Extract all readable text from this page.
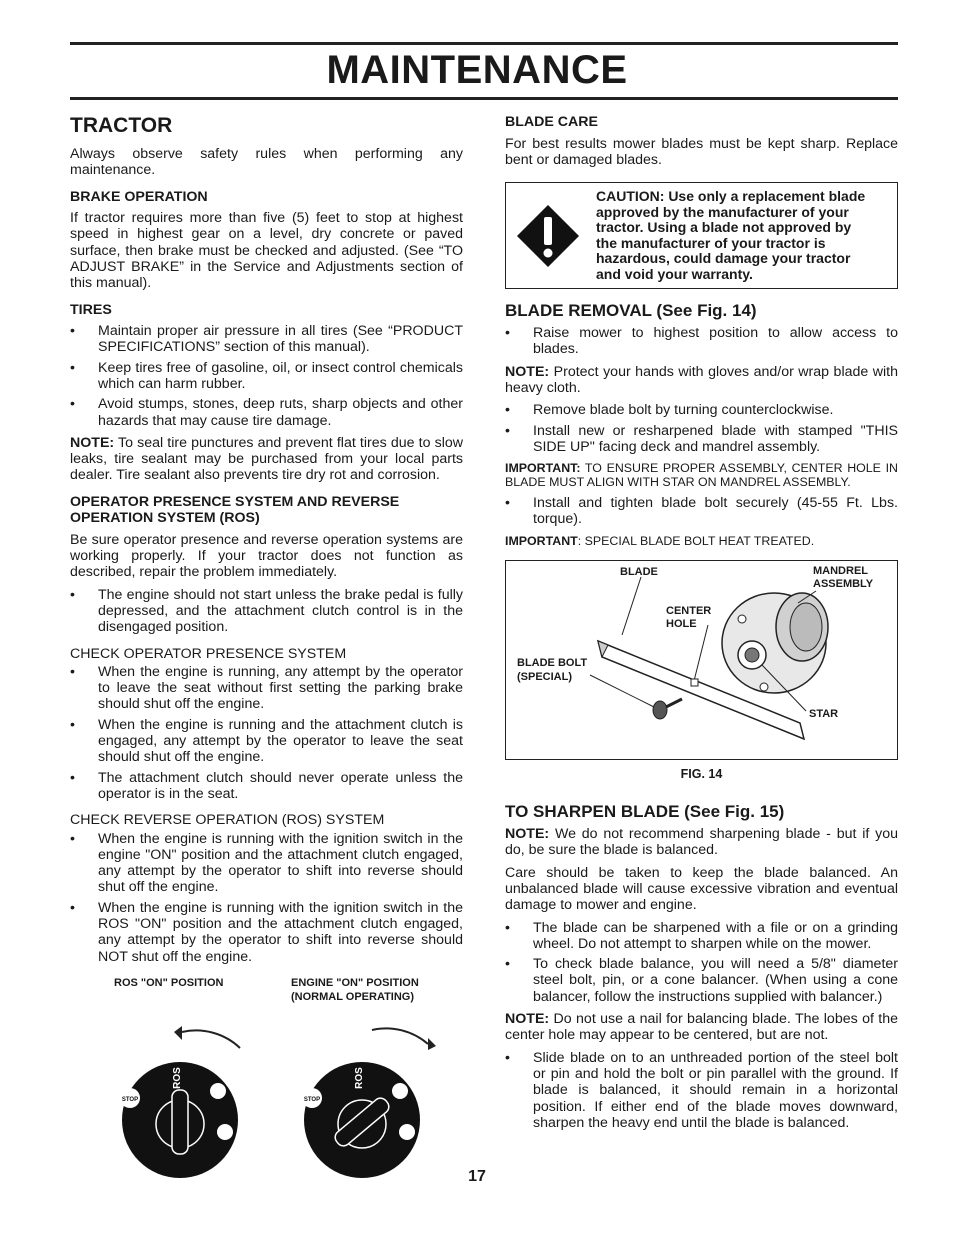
MAINTENANCE
TRACTOR

Always observe safety rules when performing any maintenance.

BRAKE OPERATION

If tractor requires more than five (5) feet to stop at highest speed in highest gear on a level, dry concrete or paved surface, then brake must be checked and adjusted. (See “TO ADJUST BRAKE” in the Service and Adjustments section of this manual).

TIRES
• Maintain proper air pressure in all tires (See “PRODUCT SPECIFICATIONS” section of this manual).
• Keep tires free of gasoline, oil, or insect control chemicals which can harm rubber.
• Avoid stumps, stones, deep ruts, sharp objects and other hazards that may cause tire damage.

NOTE: To seal tire punctures and prevent flat tires due to slow leaks, tire sealant may be purchased from your local parts dealer. Tire sealant also prevents tire dry rot and corrosion.

OPERATOR PRESENCE SYSTEM AND REVERSE OPERATION SYSTEM (ROS)

Be sure operator presence and reverse operation systems are working properly. If your tractor does not function as described, repair the problem immediately.

• The engine should not start unless the brake pedal is fully depressed, and the attachment clutch control is in the disengaged position.
CHECK OPERATOR PRESENCE SYSTEM
• When the engine is running, any attempt by the operator to leave the seat without first setting the parking brake should shut off the engine.
• When the engine is running and the attachment clutch is engaged, any attempt by the operator to leave the seat should shut off the engine.
• The attachment clutch should never operate unless the operator is in the seat.
CHECK REVERSE OPERATION (ROS) SYSTEM
• When the engine is running with the ignition switch in the engine "ON" position and the attachment clutch engaged, any attempt by the operator to shift into reverse should shut off the engine.
• When the engine is running with the ignition switch in the ROS "ON" position and the attachment clutch engaged, any attempt by the operator to shift into reverse should NOT shut off the engine.
ROS "ON" POSITION	ENGINE "ON" POSITION
(NORMAL OPERATING)
STOP
ROS
STOP
ROS
BLADE CARE

For best results mower blades must be kept sharp. Replace bent or damaged blades.

CAUTION: Use only a replacement blade approved by the manufacturer of your tractor. Using a blade not approved by the manufacturer of your tractor is hazardous, could damage your tractor and void your warranty.
BLADE REMOVAL (See Fig. 14)
• Raise mower to highest position to allow access to blades.

NOTE: Protect your hands with gloves and/or wrap blade with heavy cloth.

• Remove blade bolt by turning counterclockwise.
• Install new or resharpened blade with stamped "THIS SIDE UP" facing deck and mandrel assembly.

IMPORTANT: TO ENSURE PROPER ASSEMBLY, CENTER HOLE IN BLADE MUST ALIGN WITH STAR ON MANDREL ASSEMBLY.

• Install and tighten blade bolt securely (45-55 Ft. Lbs. torque).

IMPORTANT: SPECIAL BLADE BOLT HEAT TREATED.

BLADE	MANDREL
ASSEMBLY
CENTER
HOLE
BLADE BOLT
(SPECIAL)
STAR
FIG. 14
TO SHARPEN BLADE (See Fig. 15)

NOTE: We do not recommend sharpening blade - but if you do, be sure the blade is balanced.

Care should be taken to keep the blade balanced. An unbalanced blade will cause excessive vibration and eventual damage to mower and engine.

• The blade can be sharpened with a file or on a grinding wheel. Do not attempt to sharpen while on the mower.
• To check blade balance, you will need a 5/8" diameter steel bolt, pin, or a cone balancer. (When using a cone balancer, follow the instructions supplied with balancer.)

NOTE: Do not use a nail for balancing blade. The lobes of the center hole may appear to be centered, but are not.

• Slide blade on to an unthreaded portion of the steel bolt or pin and hold the bolt or pin parallel with the ground. If blade is balanced, it should remain in a horizontal position. If either end of the blade moves downward, sharpen the heavy end until the blade is balanced.
17
